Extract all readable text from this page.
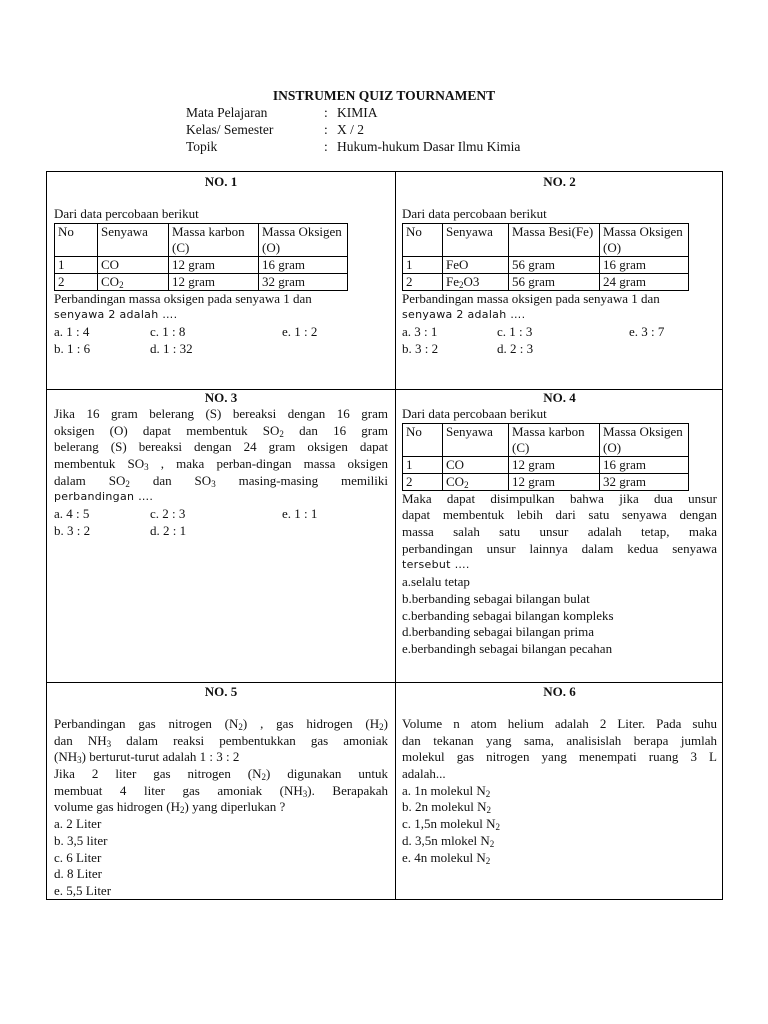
INSTRUMEN QUIZ TOURNAMENT
Mata Pelajaran	: KIMIA
Kelas/ Semester	: X / 2
Topik	: Hukum-hukum Dasar Ilmu Kimia
NO. 1
Dari data percobaan berikut
No	Senyawa	Massa karbon (C)	Massa Oksigen (O)
1	CO	12 gram	16 gram
2	$CO_2$	12 gram	32 gram
Perbandingan massa oksigen pada senyawa 1 dan
senyawa 2 adalah ….
a. 1 : 4	c. 1 : 8	e. 1 : 2
b. 1 : 6	d. 1 : 32
NO. 2
Dari data percobaan berikut
No	Senyawa	Massa Besi(Fe)	Massa Oksigen (O)
1	FeO	56 gram	16 gram
2	$Fe_2O3$	56 gram	24 gram
Perbandingan massa oksigen pada senyawa 1 dan
senyawa 2 adalah ….
a. 3 : 1	c. 1 : 3	e. 3 : 7
b. 3 : 2	d. 2 : 3
NO. 3
Jika 16 gram belerang (S) bereaksi dengan 16 gram
oksigen (O) dapat membentuk $SO_2$ dan 16 gram
belerang (S) bereaksi dengan 24 gram oksigen dapat
membentuk $SO_3$ , maka perban-dingan massa oksigen
dalam $SO_2$ dan $SO_3$ masing-masing memiliki
perbandingan ….
a. 4 : 5	c. 2 : 3	e. 1 : 1
b. 3 : 2	d. 2 : 1
NO. 4
Dari data percobaan berikut
No	Senyawa	Massa karbon (C)	Massa Oksigen (O)
1	CO	12 gram	16 gram
2	$CO_2$	12 gram	32 gram
Maka dapat disimpulkan bahwa jika dua unsur
dapat membentuk lebih dari satu senyawa dengan
massa salah satu unsur adalah tetap, maka
perbandingan unsur lainnya dalam kedua senyawa
tersebut ….
a.selalu tetap
b.berbanding sebagai bilangan bulat
c.berbanding sebagai bilangan kompleks
d.berbanding sebagai bilangan prima
e.berbandingh sebagai bilangan pecahan
NO. 5
Perbandingan gas nitrogen $(N_2)$ , gas hidrogen $(H_2)$
dan $NH_3$ dalam reaksi pembentukkan gas amoniak
$(NH_3)$ berturut-turut adalah 1 : 3 : 2
Jika 2 liter gas nitrogen $(N_2)$ digunakan untuk
membuat 4 liter gas amoniak $(NH_3)$. Berapakah
volume gas hidrogen $(H_2)$ yang diperlukan ?
a. 2 Liter
b. 3,5 liter
c. 6 Liter
d. 8 Liter
e. 5,5 Liter
NO. 6
Volume n atom helium adalah 2 Liter. Pada suhu
dan tekanan yang sama, analisislah berapa jumlah
molekul gas nitrogen yang menempati ruang 3 L
adalah...
a. 1n molekul $N_2$
b. 2n molekul $N_2$
c. 1,5n molekul $N_2$
d. 3,5n mlokel $N_2$
e. 4n molekul $N_2$
